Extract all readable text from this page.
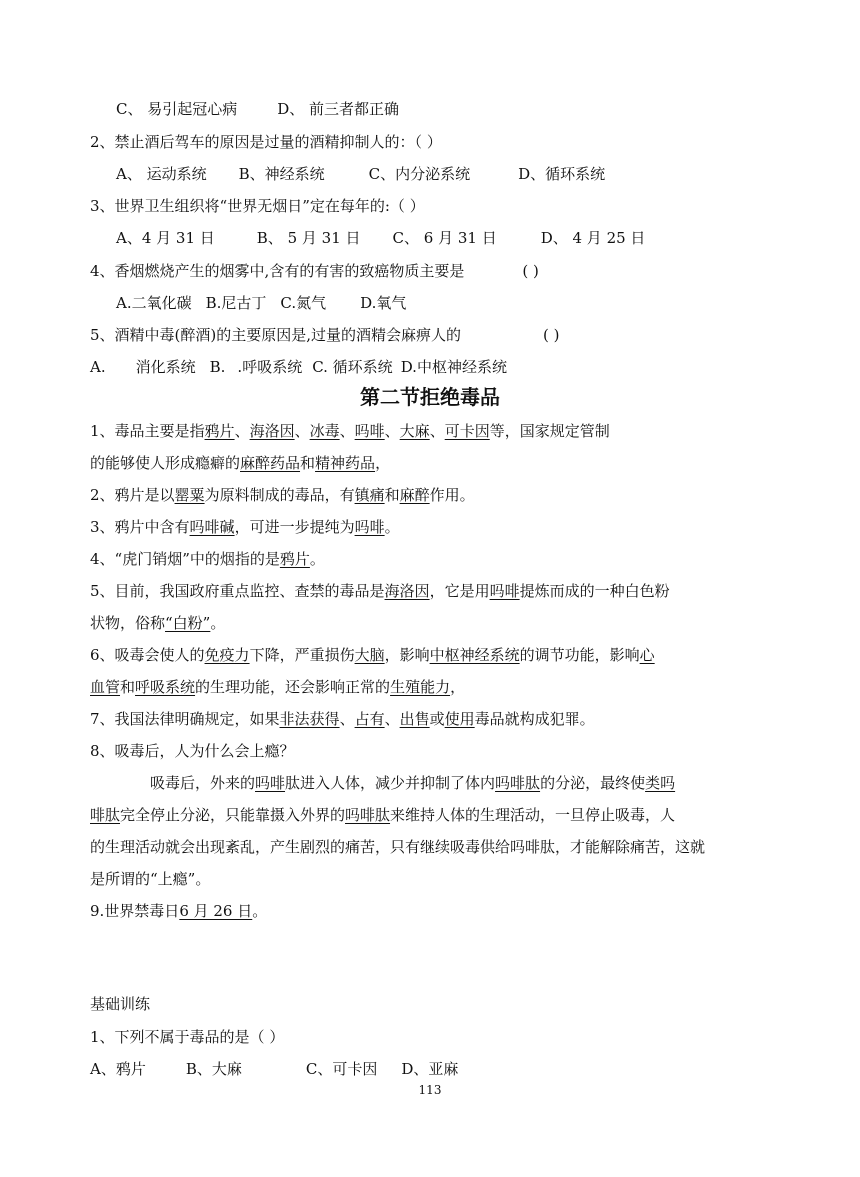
C、 易引起冠心病	D、 前三者都正确
2、禁止酒后驾车的原因是过量的酒精抑制人的：（ ）
A、 运动系统 B、神经系统	C、内分泌系统	D、循环系统
3、世界卫生组织将“世界无烟日”定在每年的:（ ）
A、4 月 31 日	B、 5 月 31 日 C、 6 月 31 日	D、 4 月 25 日
4、香烟燃烧产生的烟雾中,含有的有害的致癌物质主要是	( )
A.二氧化碳 B.尼古丁 C.氮气 D.氧气
5、酒精中毒(醉酒)的主要原因是,过量的酒精会麻痹人的	( )
A. 消化系统 B. .呼吸系统 C. 循环系统 D.中枢神经系统
第二节拒绝毒品
1、毒品主要是指鸦片、海洛因、冰毒、吗啡、大麻、可卡因等，国家规定管制
的能够使人形成瘾癖的麻醉药品和精神药品，
2、鸦片是以罂粟为原料制成的毒品，有镇痛和麻醉作用。
3、鸦片中含有吗啡碱，可进一步提纯为吗啡。
4、“虎门销烟”中的烟指的是鸦片。
5、目前，我国政府重点监控、查禁的毒品是海洛因，它是用吗啡提炼而成的一种白色粉
状物，俗称“白粉”。
6、吸毒会使人的免疫力下降，严重损伤大脑，影响中枢神经系统的调节功能，影响心
血管和呼吸系统的生理功能，还会影响正常的生殖能力，
7、我国法律明确规定，如果非法获得、占有、出售或使用毒品就构成犯罪。
8、吸毒后，人为什么会上瘾？
吸毒后，外来的吗啡肽进入人体，减少并抑制了体内吗啡肽的分泌，最终使类吗
啡肽完全停止分泌，只能靠摄入外界的吗啡肽来维持人体的生理活动，一旦停止吸毒，人
的生理活动就会出现紊乱，产生剧烈的痛苦，只有继续吸毒供给吗啡肽，才能解除痛苦，这就
是所谓的“上瘾”。
9.世界禁毒日6 月 26 日。
基础训练
1、下列不属于毒品的是（ ）
A、鸦片	B、大麻	C、可卡因 D、亚麻
113
